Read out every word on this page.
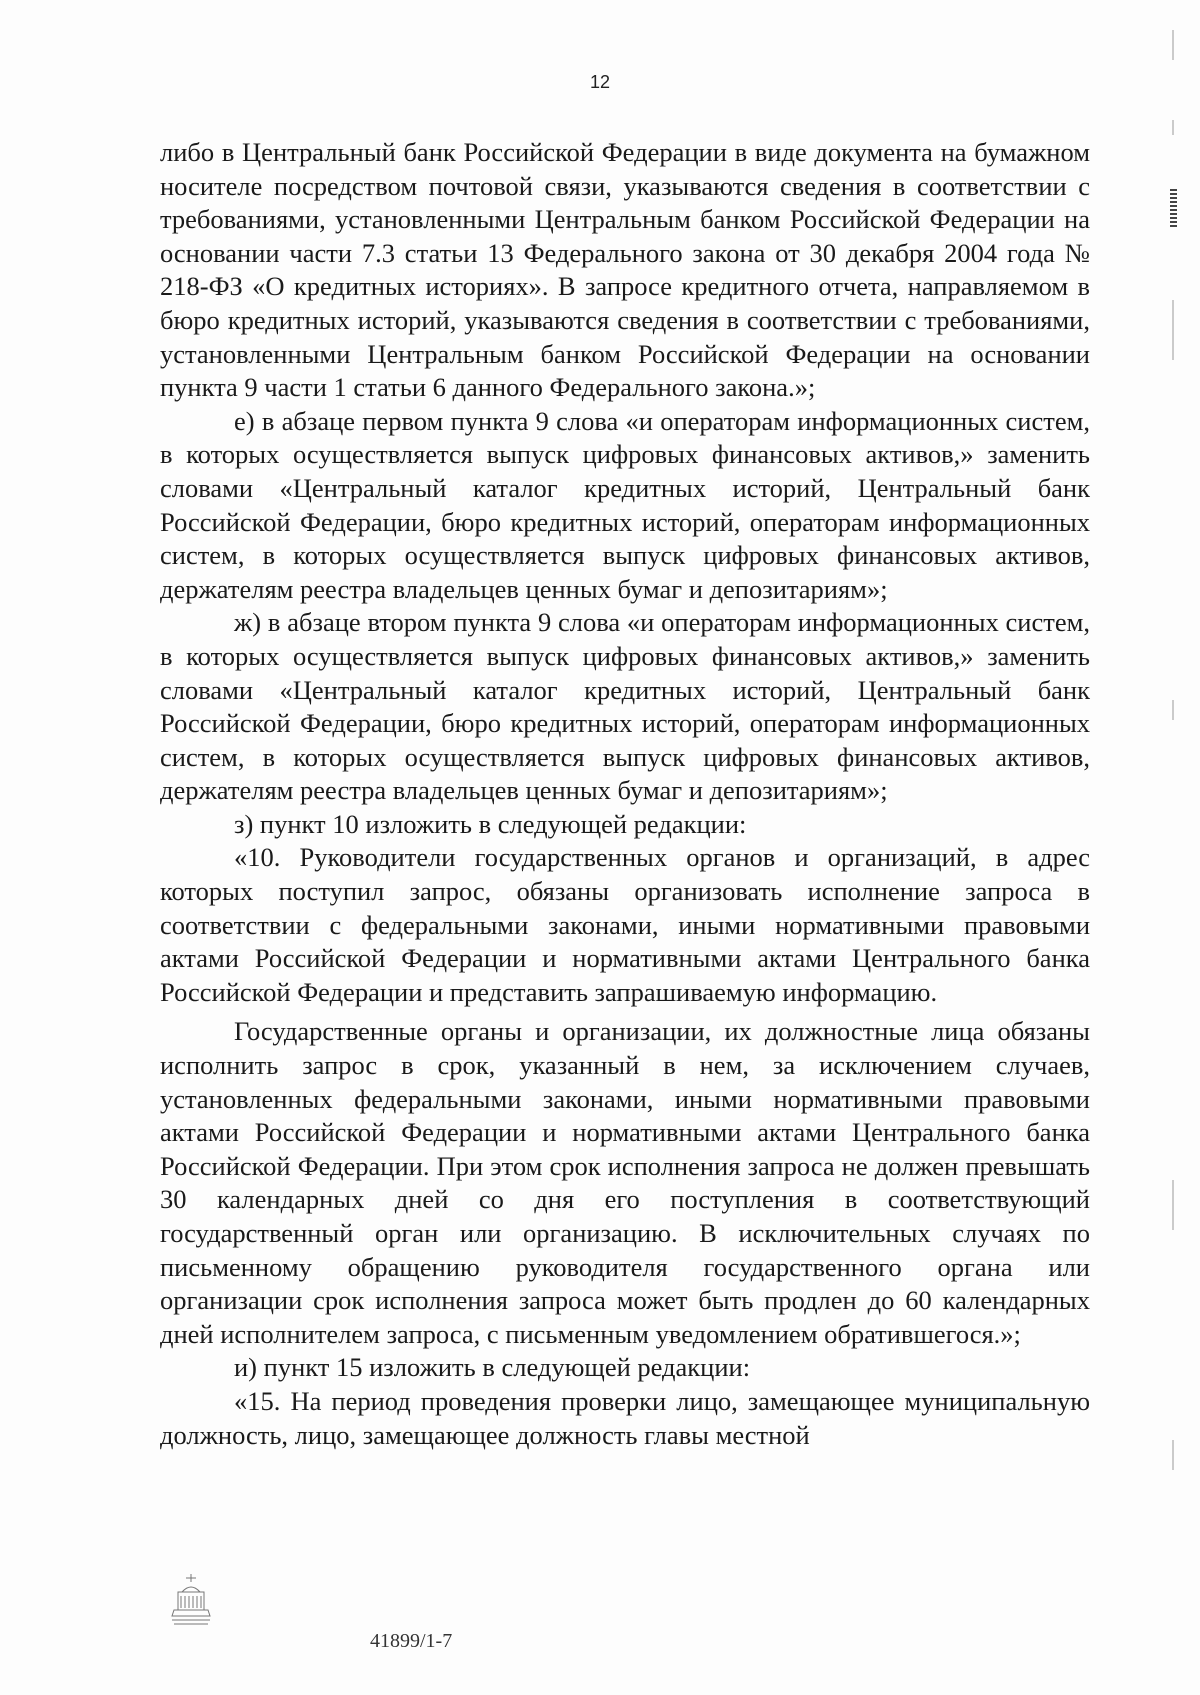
12

либо в Центральный банк Российской Федерации в виде документа на бумажном носителе посредством почтовой связи, указываются сведения в соответствии с требованиями, установленными Центральным банком Российской Федерации на основании части 7.3 статьи 13 Федерального закона от 30 декабря 2004 года № 218-ФЗ «О кредитных историях». В запросе кредитного отчета, направляемом в бюро кредитных историй, указываются сведения в соответствии с требованиями, установленными Центральным банком Российской Федерации на основании пункта 9 части 1 статьи 6 данного Федерального закона.»;

е) в абзаце первом пункта 9 слова «и операторам информационных систем, в которых осуществляется выпуск цифровых финансовых активов,» заменить словами «Центральный каталог кредитных историй, Центральный банк Российской Федерации, бюро кредитных историй, операторам информационных систем, в которых осуществляется выпуск цифровых финансовых активов, держателям реестра владельцев ценных бумаг и депозитариям»;

ж) в абзаце втором пункта 9 слова «и операторам информационных систем, в которых осуществляется выпуск цифровых финансовых активов,» заменить словами «Центральный каталог кредитных историй, Центральный банк Российской Федерации, бюро кредитных историй, операторам информационных систем, в которых осуществляется выпуск цифровых финансовых активов, держателям реестра владельцев ценных бумаг и депозитариям»;

з) пункт 10 изложить в следующей редакции:

«10. Руководители государственных органов и организаций, в адрес которых поступил запрос, обязаны организовать исполнение запроса в соответствии с федеральными законами, иными нормативными правовыми актами Российской Федерации и нормативными актами Центрального банка Российской Федерации и представить запрашиваемую информацию.

Государственные органы и организации, их должностные лица обязаны исполнить запрос в срок, указанный в нем, за исключением случаев, установленных федеральными законами, иными нормативными правовыми актами Российской Федерации и нормативными актами Центрального банка Российской Федерации. При этом срок исполнения запроса не должен превышать 30 календарных дней со дня его поступления в соответствующий государственный орган или организацию. В исключительных случаях по письменному обращению руководителя государственного органа или организации срок исполнения запроса может быть продлен до 60 календарных дней исполнителем запроса, с письменным уведомлением обратившегося.»;

и) пункт 15 изложить в следующей редакции:

«15. На период проведения проверки лицо, замещающее муниципальную должность, лицо, замещающее должность главы местной

41899/1-7
